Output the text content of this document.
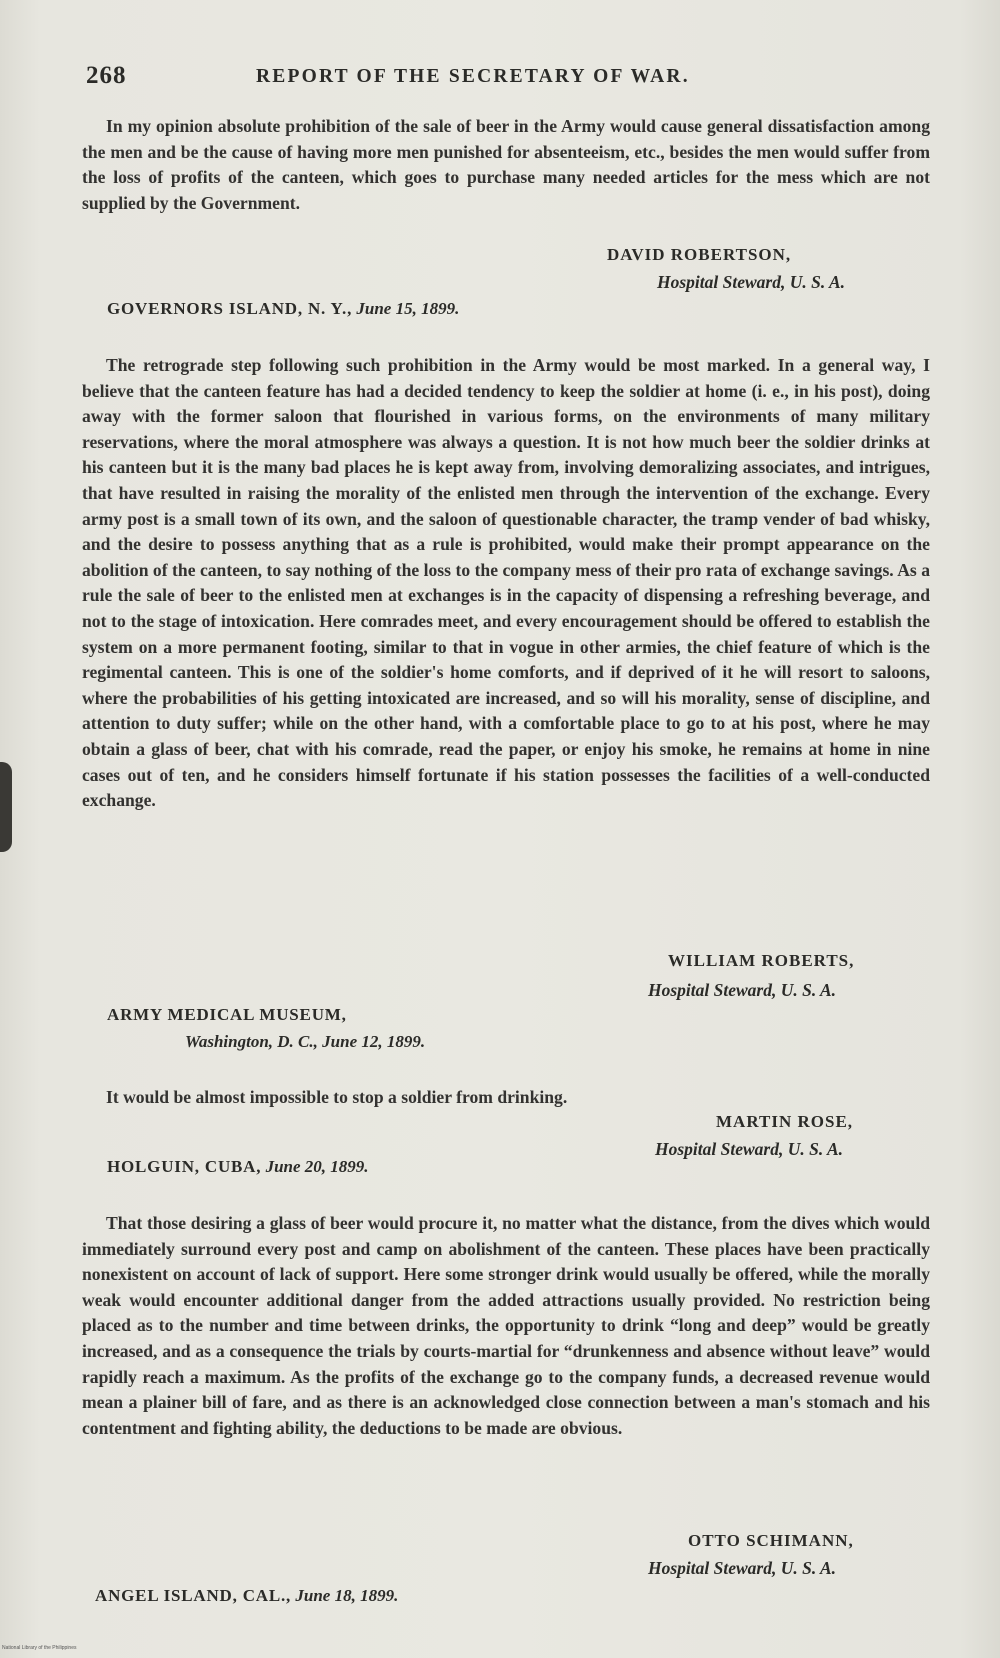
268	REPORT OF THE SECRETARY OF WAR.

In my opinion absolute prohibition of the sale of beer in the Army would cause general dissatisfaction among the men and be the cause of having more men punished for absenteeism, etc., besides the men would suffer from the loss of profits of the canteen, which goes to purchase many needed articles for the mess which are not supplied by the Government.

DAVID ROBERTSON,
Hospital Steward, U. S. A.
GOVERNORS ISLAND, N. Y., June 15, 1899.

The retrograde step following such prohibition in the Army would be most marked. In a general way, I believe that the canteen feature has had a decided tendency to keep the soldier at home (i. e., in his post), doing away with the former saloon that flourished in various forms, on the environments of many military reservations, where the moral atmosphere was always a question. It is not how much beer the soldier drinks at his canteen but it is the many bad places he is kept away from, involving demoralizing associates, and intrigues, that have resulted in raising the morality of the enlisted men through the intervention of the exchange. Every army post is a small town of its own, and the saloon of questionable character, the tramp vender of bad whisky, and the desire to possess anything that as a rule is prohibited, would make their prompt appearance on the abolition of the canteen, to say nothing of the loss to the company mess of their pro rata of exchange savings. As a rule the sale of beer to the enlisted men at exchanges is in the capacity of dispensing a refreshing beverage, and not to the stage of intoxication. Here comrades meet, and every encouragement should be offered to establish the system on a more permanent footing, similar to that in vogue in other armies, the chief feature of which is the regimental canteen. This is one of the soldier's home comforts, and if deprived of it he will resort to saloons, where the probabilities of his getting intoxicated are increased, and so will his morality, sense of discipline, and attention to duty suffer; while on the other hand, with a comfortable place to go to at his post, where he may obtain a glass of beer, chat with his comrade, read the paper, or enjoy his smoke, he remains at home in nine cases out of ten, and he considers himself fortunate if his station possesses the facilities of a well-conducted exchange.

WILLIAM ROBERTS,
Hospital Steward, U. S. A.
ARMY MEDICAL MUSEUM,
Washington, D. C., June 12, 1899.

It would be almost impossible to stop a soldier from drinking.

MARTIN ROSE,
Hospital Steward, U. S. A.
HOLGUIN, CUBA, June 20, 1899.

That those desiring a glass of beer would procure it, no matter what the distance, from the dives which would immediately surround every post and camp on abolishment of the canteen. These places have been practically nonexistent on account of lack of support. Here some stronger drink would usually be offered, while the morally weak would encounter additional danger from the added attractions usually provided. No restriction being placed as to the number and time between drinks, the opportunity to drink “long and deep” would be greatly increased, and as a consequence the trials by courts-martial for “drunkenness and absence without leave” would rapidly reach a maximum. As the profits of the exchange go to the company funds, a decreased revenue would mean a plainer bill of fare, and as there is an acknowledged close connection between a man's stomach and his contentment and fighting ability, the deductions to be made are obvious.

OTTO SCHIMANN,
Hospital Steward, U. S. A.
ANGEL ISLAND, CAL., June 18, 1899.
National Library of the Philippines
